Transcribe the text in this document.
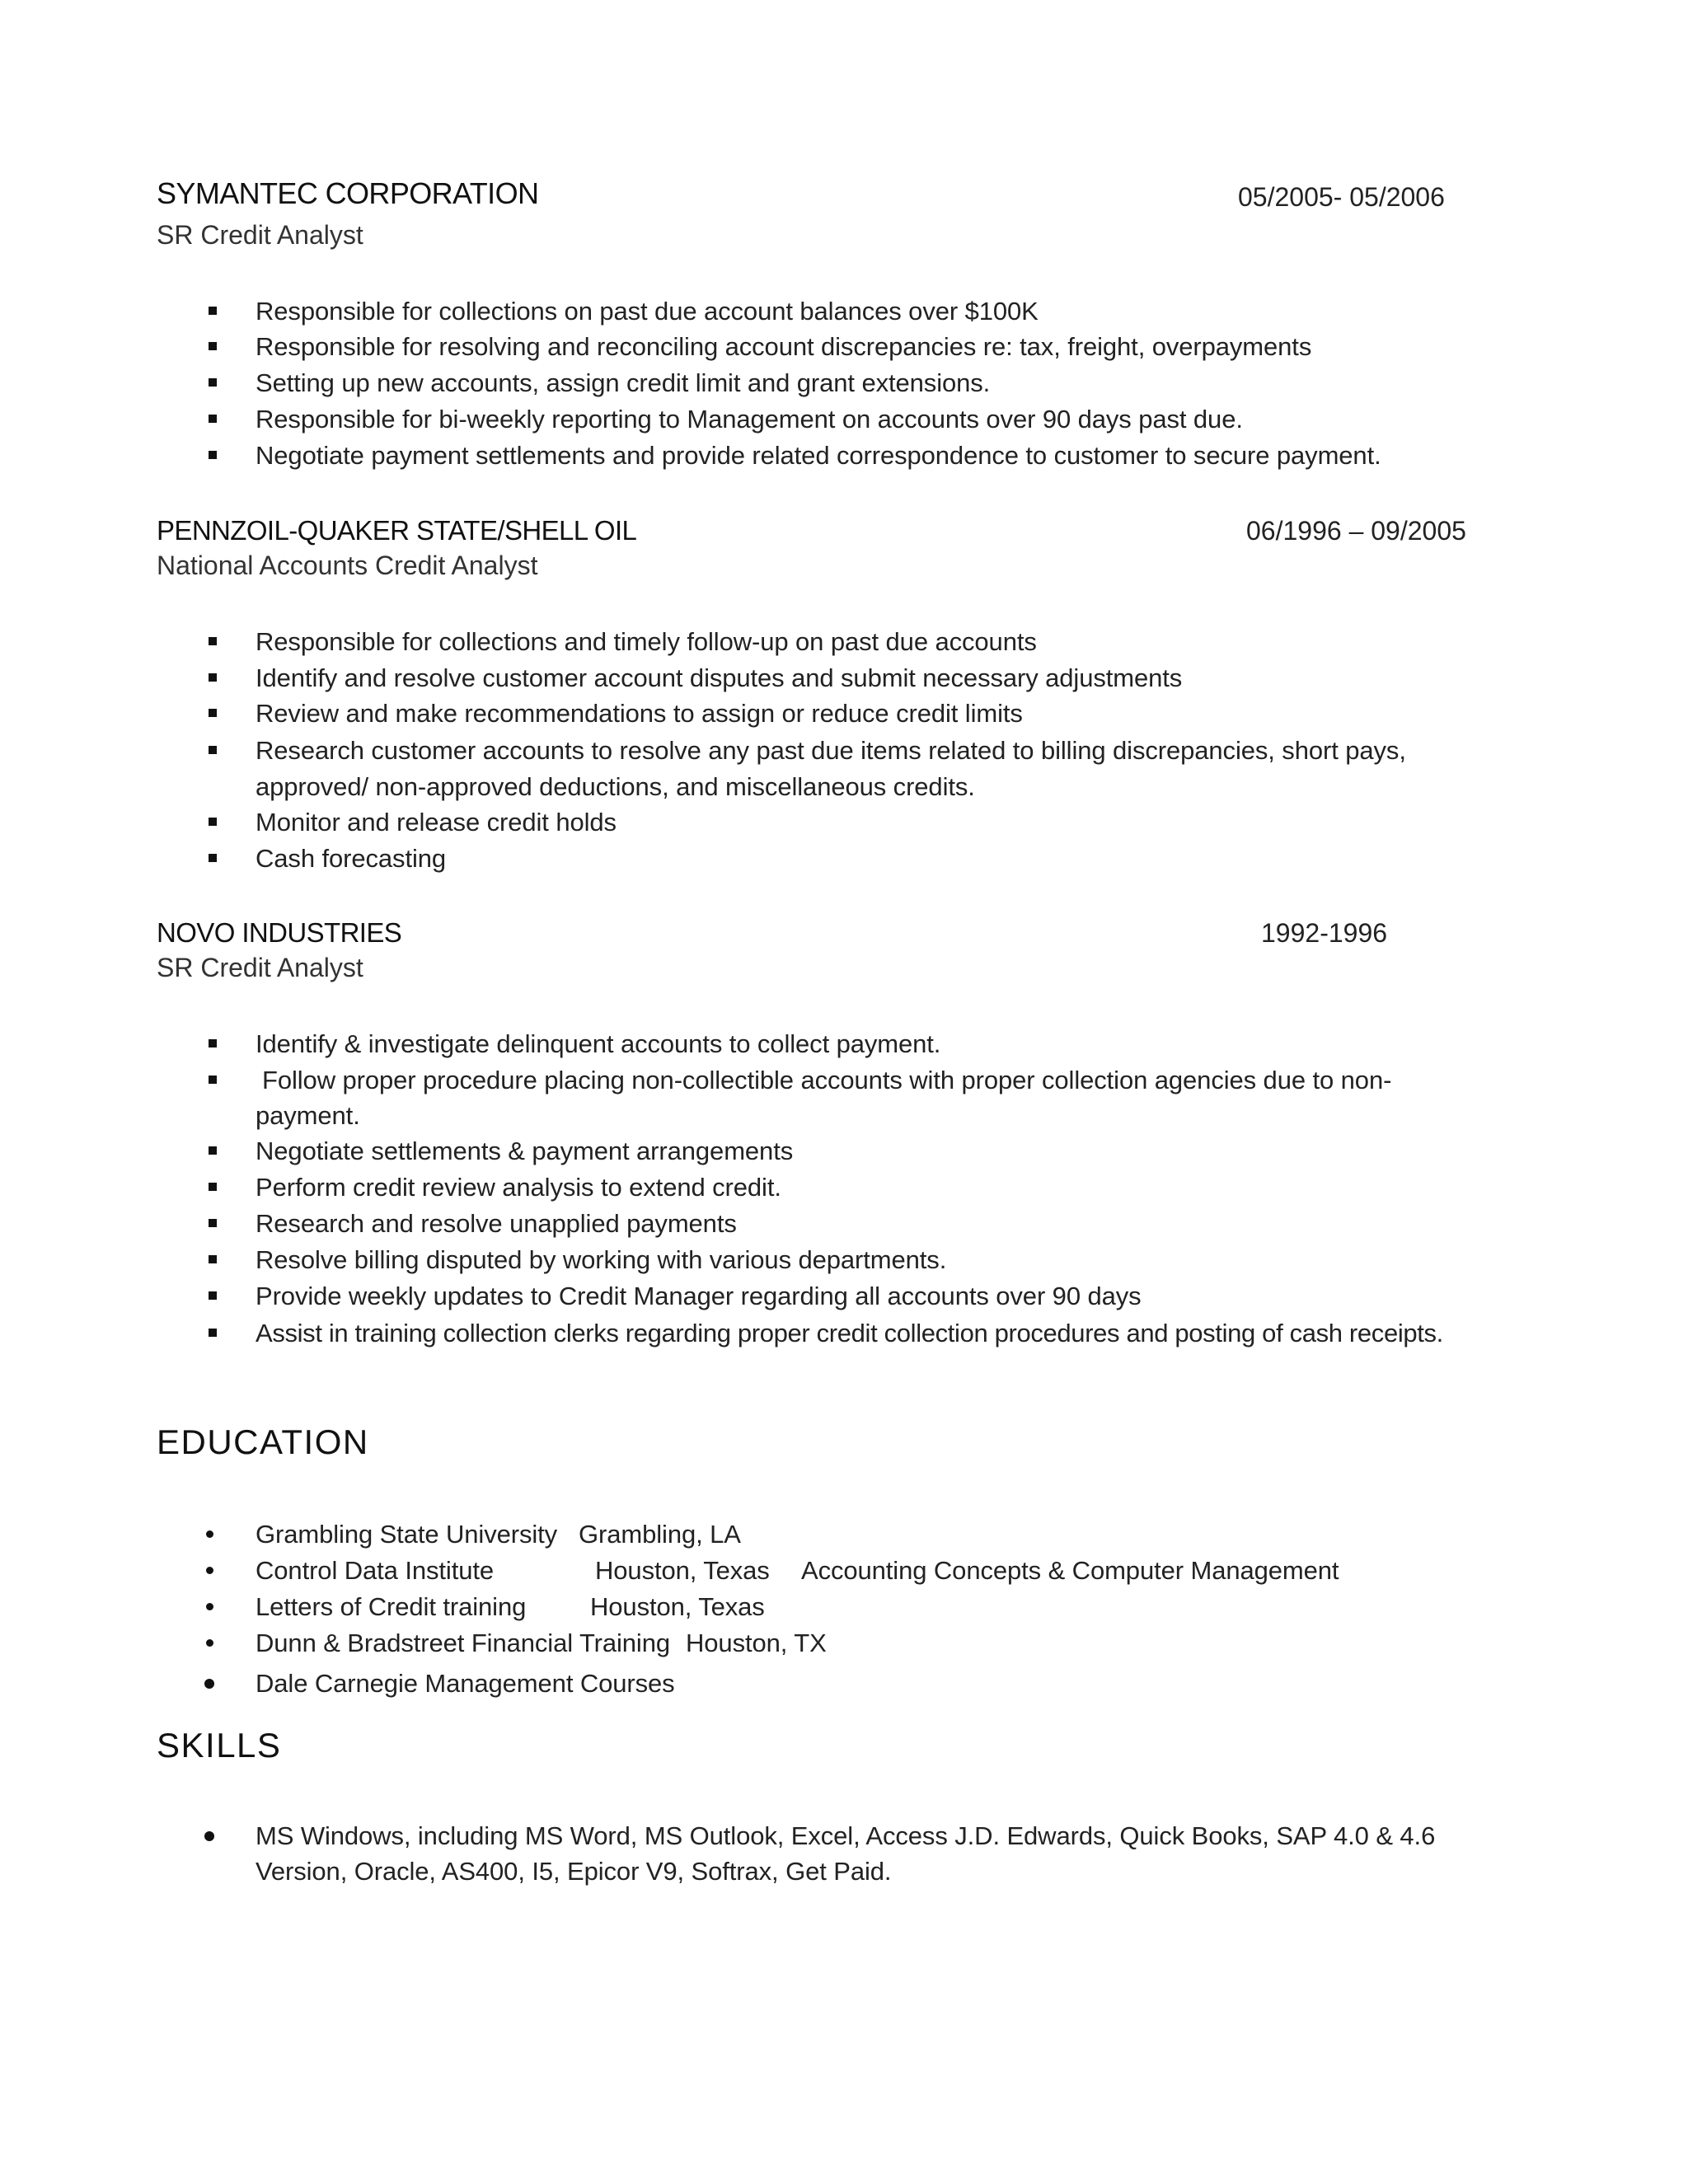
SYMANTEC CORPORATION	05/2005- 05/2006
SR Credit Analyst
Responsible for collections on past due account balances over $100K
Responsible for resolving and reconciling account discrepancies re: tax, freight, overpayments
Setting up new accounts, assign credit limit and grant extensions.
Responsible for bi-weekly reporting to Management on accounts over 90 days past due.
Negotiate payment settlements and provide related correspondence to customer to secure payment.
PENNZOIL-QUAKER STATE/SHELL OIL	06/1996 – 09/2005
National Accounts Credit Analyst
Responsible for collections and timely follow-up on past due accounts
Identify and resolve customer account disputes and submit necessary adjustments
Review and make recommendations to assign or reduce credit limits
Research customer accounts to resolve any past due items related to billing discrepancies, short pays,
approved/ non-approved deductions, and miscellaneous credits.
Monitor and release credit holds
Cash forecasting
NOVO INDUSTRIES	1992-1996
SR Credit Analyst
Identify & investigate delinquent accounts to collect payment.
Follow proper procedure placing non-collectible accounts with proper collection agencies due to non-
payment.
Negotiate settlements & payment arrangements
Perform credit review analysis to extend credit.
Research and resolve unapplied payments
Resolve billing disputed by working with various departments.
Provide weekly updates to Credit Manager regarding all accounts over 90 days
Assist in training collection clerks regarding proper credit collection procedures and posting of cash receipts.
EDUCATION
Grambling State University Grambling, LA
Control Data Institute	Houston, Texas Accounting Concepts & Computer Management
Letters of Credit training	Houston, Texas
Dunn & Bradstreet Financial Training Houston, TX
Dale Carnegie Management Courses
SKILLS
MS Windows, including MS Word, MS Outlook, Excel, Access J.D. Edwards, Quick Books, SAP 4.0 & 4.6
Version, Oracle, AS400, I5, Epicor V9, Softrax, Get Paid.
